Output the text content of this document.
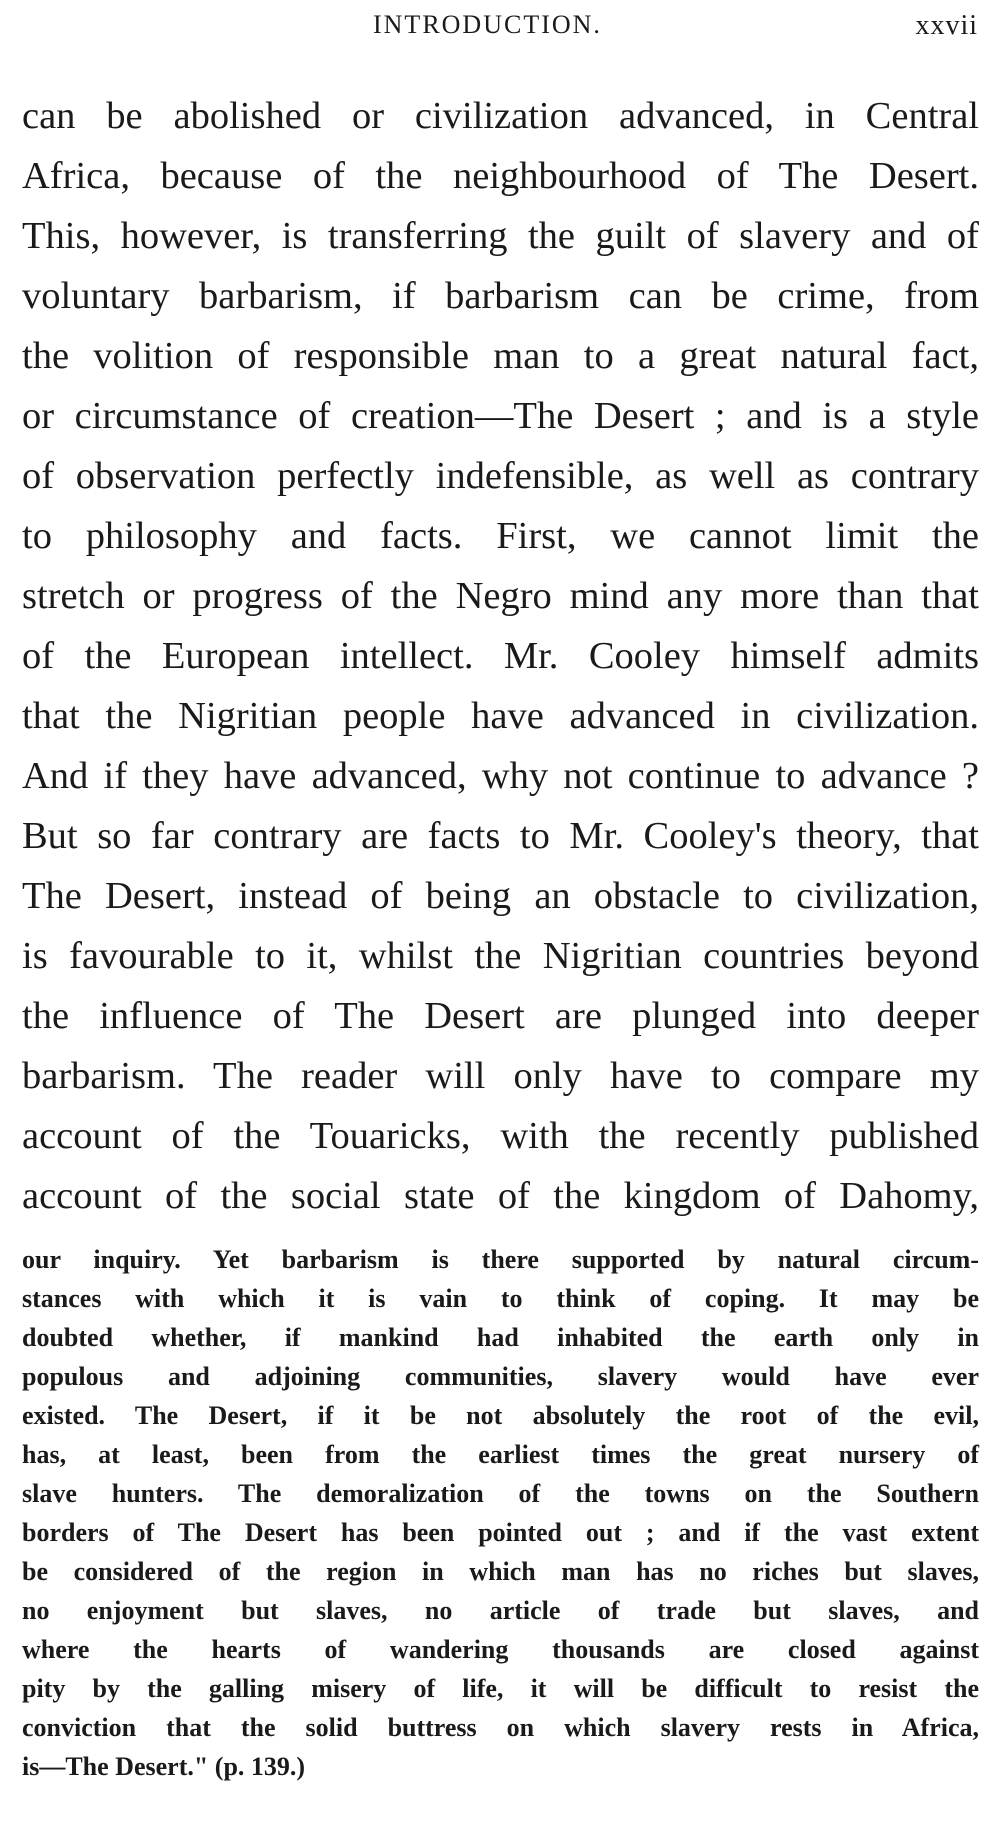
INTRODUCTION.	xxvii
can be abolished or civilization advanced, in Central
Africa, because of the neighbourhood of The Desert.
This, however, is transferring the guilt of slavery and of
voluntary barbarism, if barbarism can be crime, from
the volition of responsible man to a great natural fact,
or circumstance of creation—The Desert ; and is a style
of observation perfectly indefensible, as well as contrary
to philosophy and facts. First, we cannot limit the
stretch or progress of the Negro mind any more than that
of the European intellect. Mr. Cooley himself admits
that the Nigritian people have advanced in civilization.
And if they have advanced, why not continue to advance ?
But so far contrary are facts to Mr. Cooley's theory, that
The Desert, instead of being an obstacle to civilization,
is favourable to it, whilst the Nigritian countries beyond
the influence of The Desert are plunged into deeper
barbarism. The reader will only have to compare my
account of the Touaricks, with the recently published
account of the social state of the kingdom of Dahomy,
our inquiry. Yet barbarism is there supported by natural circum-
stances with which it is vain to think of coping. It may be
doubted whether, if mankind had inhabited the earth only in
populous and adjoining communities, slavery would have ever
existed. The Desert, if it be not absolutely the root of the evil,
has, at least, been from the earliest times the great nursery of
slave hunters. The demoralization of the towns on the Southern
borders of The Desert has been pointed out ; and if the vast extent
be considered of the region in which man has no riches but slaves,
no enjoyment but slaves, no article of trade but slaves, and
where the hearts of wandering thousands are closed against
pity by the galling misery of life, it will be difficult to resist the
conviction that the solid buttress on which slavery rests in Africa,
is—The Desert." (p. 139.)
